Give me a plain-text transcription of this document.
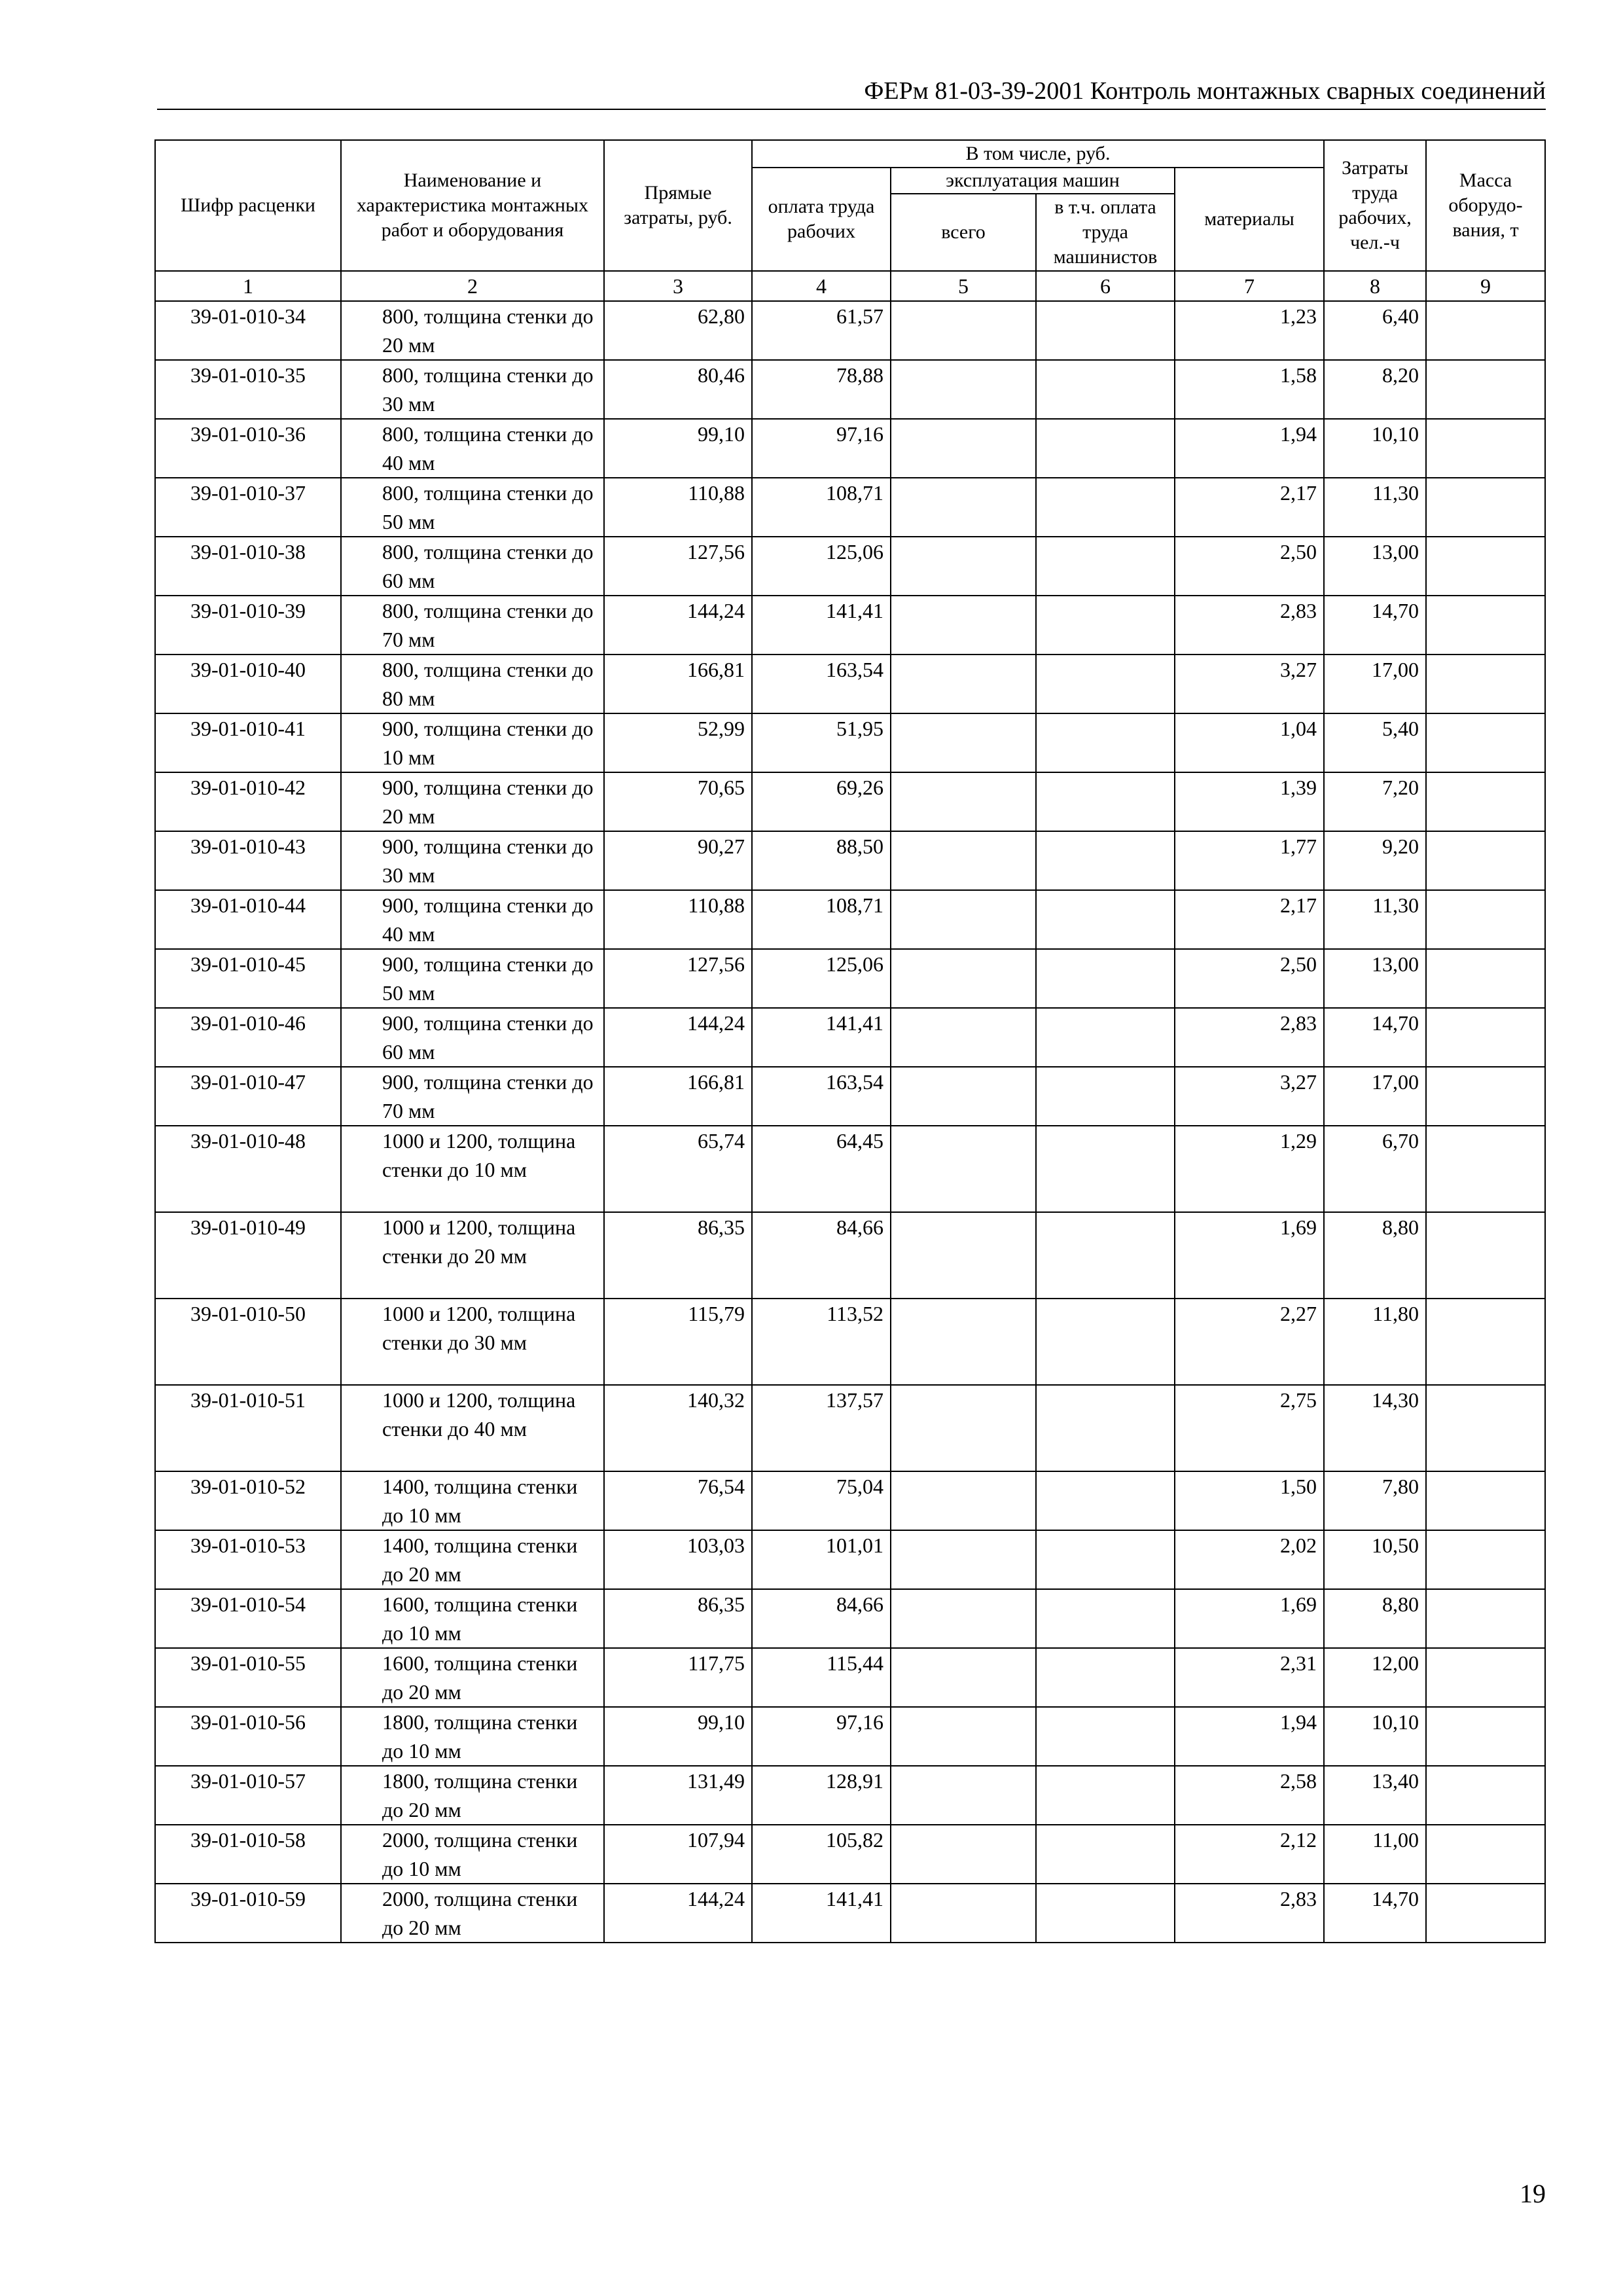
ФЕРм 81-03-39-2001 Контроль монтажных сварных соединений
Шифр расценки	Наименование и характеристика монтажных работ и оборудования	Прямые затраты, руб.	В том числе, руб.				Затраты труда рабочих, чел.-ч	Масса оборудо- вания, т
			оплата труда рабочих	эксплуатация машин		материалы		
				всего	в т.ч. оплата труда машинистов			

1	2	3	4	5	6	7	8	9
39-01-010-34	800, толщина стенки до 20 мм	62,80	61,57			1,23	6,40	
39-01-010-35	800, толщина стенки до 30 мм	80,46	78,88			1,58	8,20	
39-01-010-36	800, толщина стенки до 40 мм	99,10	97,16			1,94	10,10	
39-01-010-37	800, толщина стенки до 50 мм	110,88	108,71			2,17	11,30	
39-01-010-38	800, толщина стенки до 60 мм	127,56	125,06			2,50	13,00	
39-01-010-39	800, толщина стенки до 70 мм	144,24	141,41			2,83	14,70	
39-01-010-40	800, толщина стенки до 80 мм	166,81	163,54			3,27	17,00	
39-01-010-41	900, толщина стенки до 10 мм	52,99	51,95			1,04	5,40	
39-01-010-42	900, толщина стенки до 20 мм	70,65	69,26			1,39	7,20	
39-01-010-43	900, толщина стенки до 30 мм	90,27	88,50			1,77	9,20	
39-01-010-44	900, толщина стенки до 40 мм	110,88	108,71			2,17	11,30	
39-01-010-45	900, толщина стенки до 50 мм	127,56	125,06			2,50	13,00	
39-01-010-46	900, толщина стенки до 60 мм	144,24	141,41			2,83	14,70	
39-01-010-47	900, толщина стенки до 70 мм	166,81	163,54			3,27	17,00	
39-01-010-48	1000 и 1200, толщина стенки до 10 мм	65,74	64,45			1,29	6,70	
39-01-010-49	1000 и 1200, толщина стенки до 20 мм	86,35	84,66			1,69	8,80	
39-01-010-50	1000 и 1200, толщина стенки до 30 мм	115,79	113,52			2,27	11,80	
39-01-010-51	1000 и 1200, толщина стенки до 40 мм	140,32	137,57			2,75	14,30	
39-01-010-52	1400, толщина стенки до 10 мм	76,54	75,04			1,50	7,80	
39-01-010-53	1400, толщина стенки до 20 мм	103,03	101,01			2,02	10,50	
39-01-010-54	1600, толщина стенки до 10 мм	86,35	84,66			1,69	8,80	
39-01-010-55	1600, толщина стенки до 20 мм	117,75	115,44			2,31	12,00	
39-01-010-56	1800, толщина стенки до 10 мм	99,10	97,16			1,94	10,10	
39-01-010-57	1800, толщина стенки до 20 мм	131,49	128,91			2,58	13,40	
39-01-010-58	2000, толщина стенки до 10 мм	107,94	105,82			2,12	11,00	
39-01-010-59	2000, толщина стенки до 20 мм	144,24	141,41			2,83	14,70	
19
